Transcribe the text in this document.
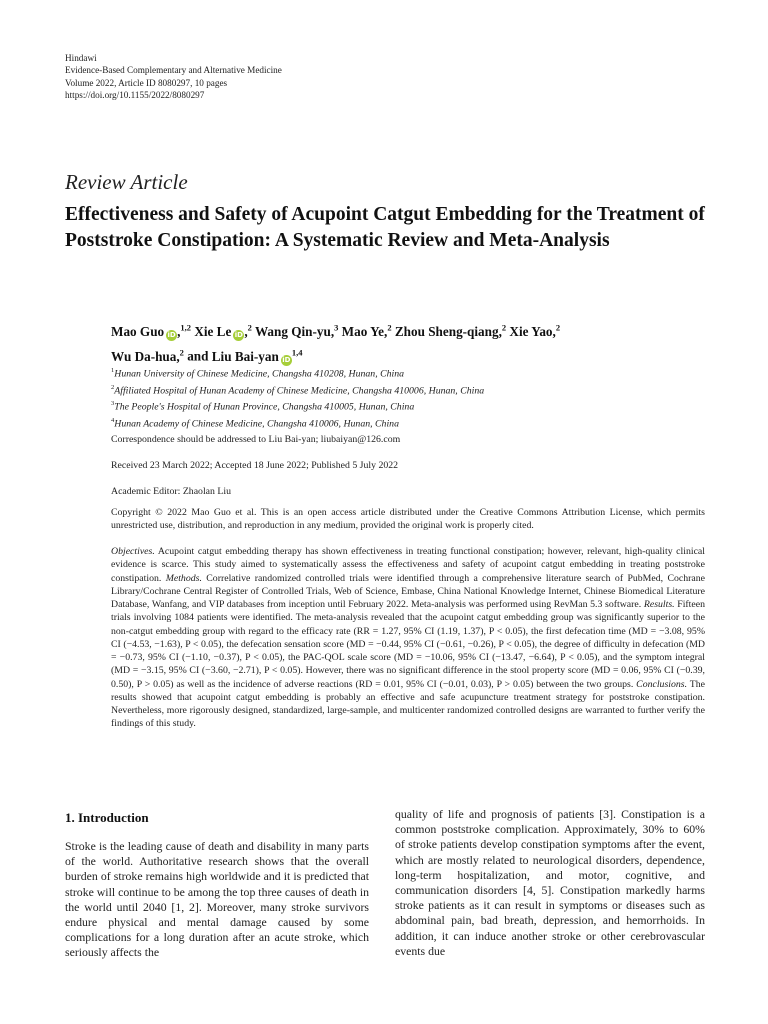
Hindawi
Evidence-Based Complementary and Alternative Medicine
Volume 2022, Article ID 8080297, 10 pages
https://doi.org/10.1155/2022/8080297
Review Article
Effectiveness and Safety of Acupoint Catgut Embedding for the Treatment of Poststroke Constipation: A Systematic Review and Meta-Analysis
Mao Guo iD,$^{1,2}$ Xie Le iD,$^2$ Wang Qin-yu,$^3$ Mao Ye,$^2$ Zhou Sheng-qiang,$^2$ Xie Yao,$^2$
Wu Da-hua,$^2$ and Liu Bai-yan iD$^{1,4}$
$^1$Hunan University of Chinese Medicine, Changsha 410208, Hunan, China
$^2$Affiliated Hospital of Hunan Academy of Chinese Medicine, Changsha 410006, Hunan, China
$^3$The People's Hospital of Hunan Province, Changsha 410005, Hunan, China
$^4$Hunan Academy of Chinese Medicine, Changsha 410006, Hunan, China
Correspondence should be addressed to Liu Bai-yan; liubaiyan@126.com
Received 23 March 2022; Accepted 18 June 2022; Published 5 July 2022
Academic Editor: Zhaolan Liu
Copyright © 2022 Mao Guo et al. This is an open access article distributed under the Creative Commons Attribution License, which permits unrestricted use, distribution, and reproduction in any medium, provided the original work is properly cited.
Objectives. Acupoint catgut embedding therapy has shown effectiveness in treating functional constipation; however, relevant, high-quality clinical evidence is scarce. This study aimed to systematically assess the effectiveness and safety of acupoint catgut embedding in treating poststroke constipation. Methods. Correlative randomized controlled trials were identified through a comprehensive literature search of PubMed, Cochrane Library/Cochrane Central Register of Controlled Trials, Web of Science, Embase, China National Knowledge Internet, Chinese Biomedical Literature Database, Wanfang, and VIP databases from inception until February 2022. Meta-analysis was performed using RevMan 5.3 software. Results. Fifteen trials involving 1084 patients were identified. The meta-analysis revealed that the acupoint catgut embedding group was significantly superior to the non-catgut embedding group with regard to the efficacy rate (RR = 1.27, 95% CI (1.19, 1.37), P < 0.05), the first defecation time (MD = −3.08, 95% CI (−4.53, −1.63), P < 0.05), the defecation sensation score (MD = −0.44, 95% CI (−0.61, −0.26), P < 0.05), the degree of difficulty in defecation (MD = −0.73, 95% CI (−1.10, −0.37), P < 0.05), the PAC-QOL scale score (MD = −10.06, 95% CI (−13.47, −6.64), P < 0.05), and the symptom integral (MD = −3.15, 95% CI (−3.60, −2.71), P < 0.05). However, there was no significant difference in the stool property score (MD = 0.06, 95% CI (−0.39, 0.50), P > 0.05) as well as the incidence of adverse reactions (RD = 0.01, 95% CI (−0.01, 0.03), P > 0.05) between the two groups. Conclusions. The results showed that acupoint catgut embedding is probably an effective and safe acupuncture treatment strategy for poststroke constipation. Nevertheless, more rigorously designed, standardized, large-sample, and multicenter randomized controlled designs are warranted to further verify the findings of this study.
1. Introduction
Stroke is the leading cause of death and disability in many parts of the world. Authoritative research shows that the overall burden of stroke remains high worldwide and it is predicted that stroke will continue to be among the top three causes of death in the world until 2040 [1, 2]. Moreover, many stroke survivors endure physical and mental damage caused by some complications for a long duration after an acute stroke, which seriously affects the
quality of life and prognosis of patients [3]. Constipation is a common poststroke complication. Approximately, 30% to 60% of stroke patients develop constipation symptoms after the event, which are mostly related to neurological disorders, dependence, long-term hospitalization, and motor, cognitive, and communication disorders [4, 5]. Constipation markedly harms stroke patients as it can result in symptoms or diseases such as abdominal pain, bad breath, depression, and hemorrhoids. In addition, it can induce another stroke or other cerebrovascular events due
